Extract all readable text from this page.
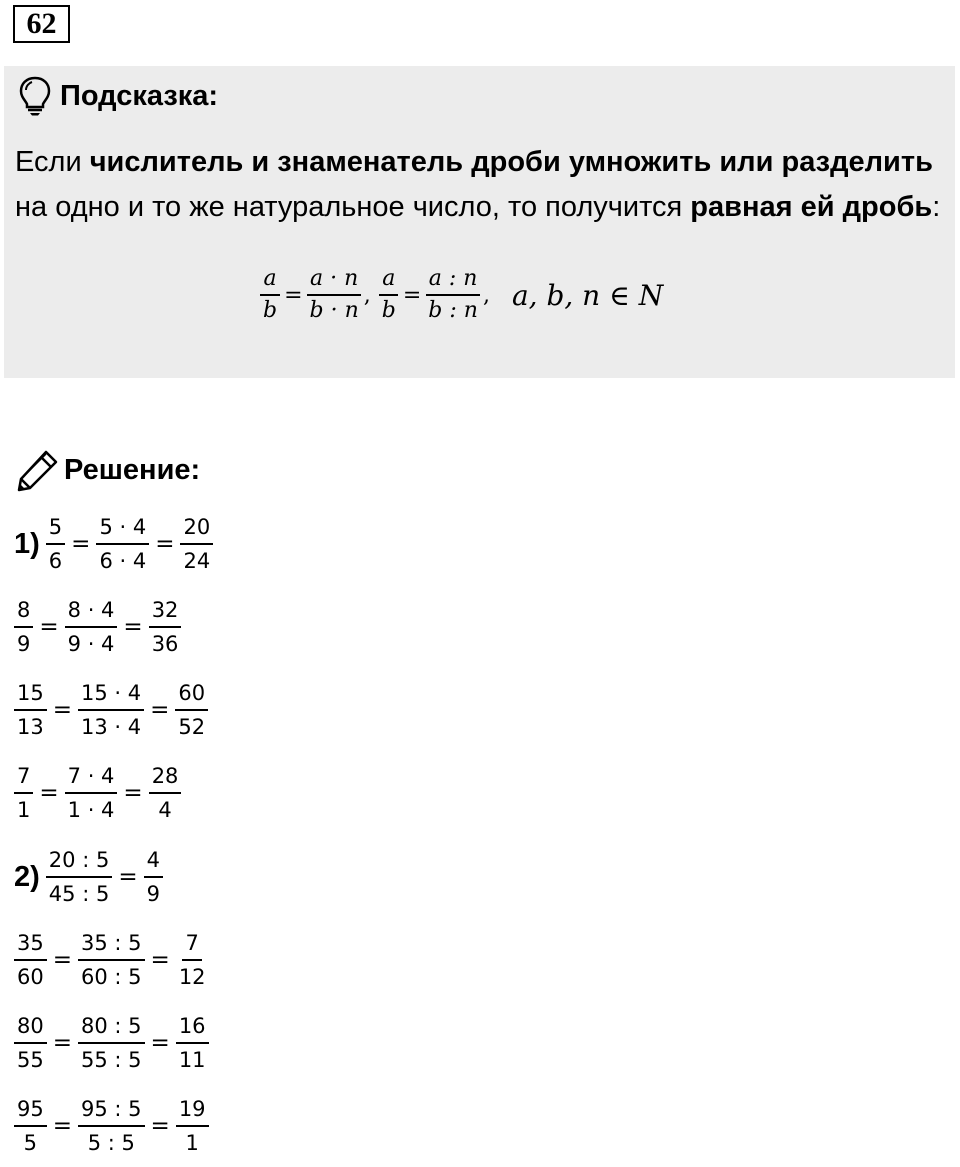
62
Подсказка:
Если числитель и знаменатель дроби умножить или разделить на одно и то же натуральное число, то получится равная ей дробь:
$\frac{a}{b} = \frac{a \cdot n}{b \cdot n}$ , $\frac{a}{b} = \frac{a : n}{b : n}$ , a, b, n ∈ N
Решение:
$1) \frac{5}{6} = \frac{5 \cdot 4}{6 \cdot 4} = \frac{20}{24}$
$\frac{8}{9} = \frac{8 \cdot 4}{9 \cdot 4} = \frac{32}{36}$
$\frac{15}{13} = \frac{15 \cdot 4}{13 \cdot 4} = \frac{60}{52}$
$\frac{7}{1} = \frac{7 \cdot 4}{1 \cdot 4} = \frac{28}{4}$
$2) \frac{20 : 5}{45 : 5} = \frac{4}{9}$
$\frac{35}{60} = \frac{35 : 5}{60 : 5} = \frac{7}{12}$
$\frac{80}{55} = \frac{80 : 5}{55 : 5} = \frac{16}{11}$
$\frac{95}{5} = \frac{95 : 5}{5 : 5} = \frac{19}{1}$
